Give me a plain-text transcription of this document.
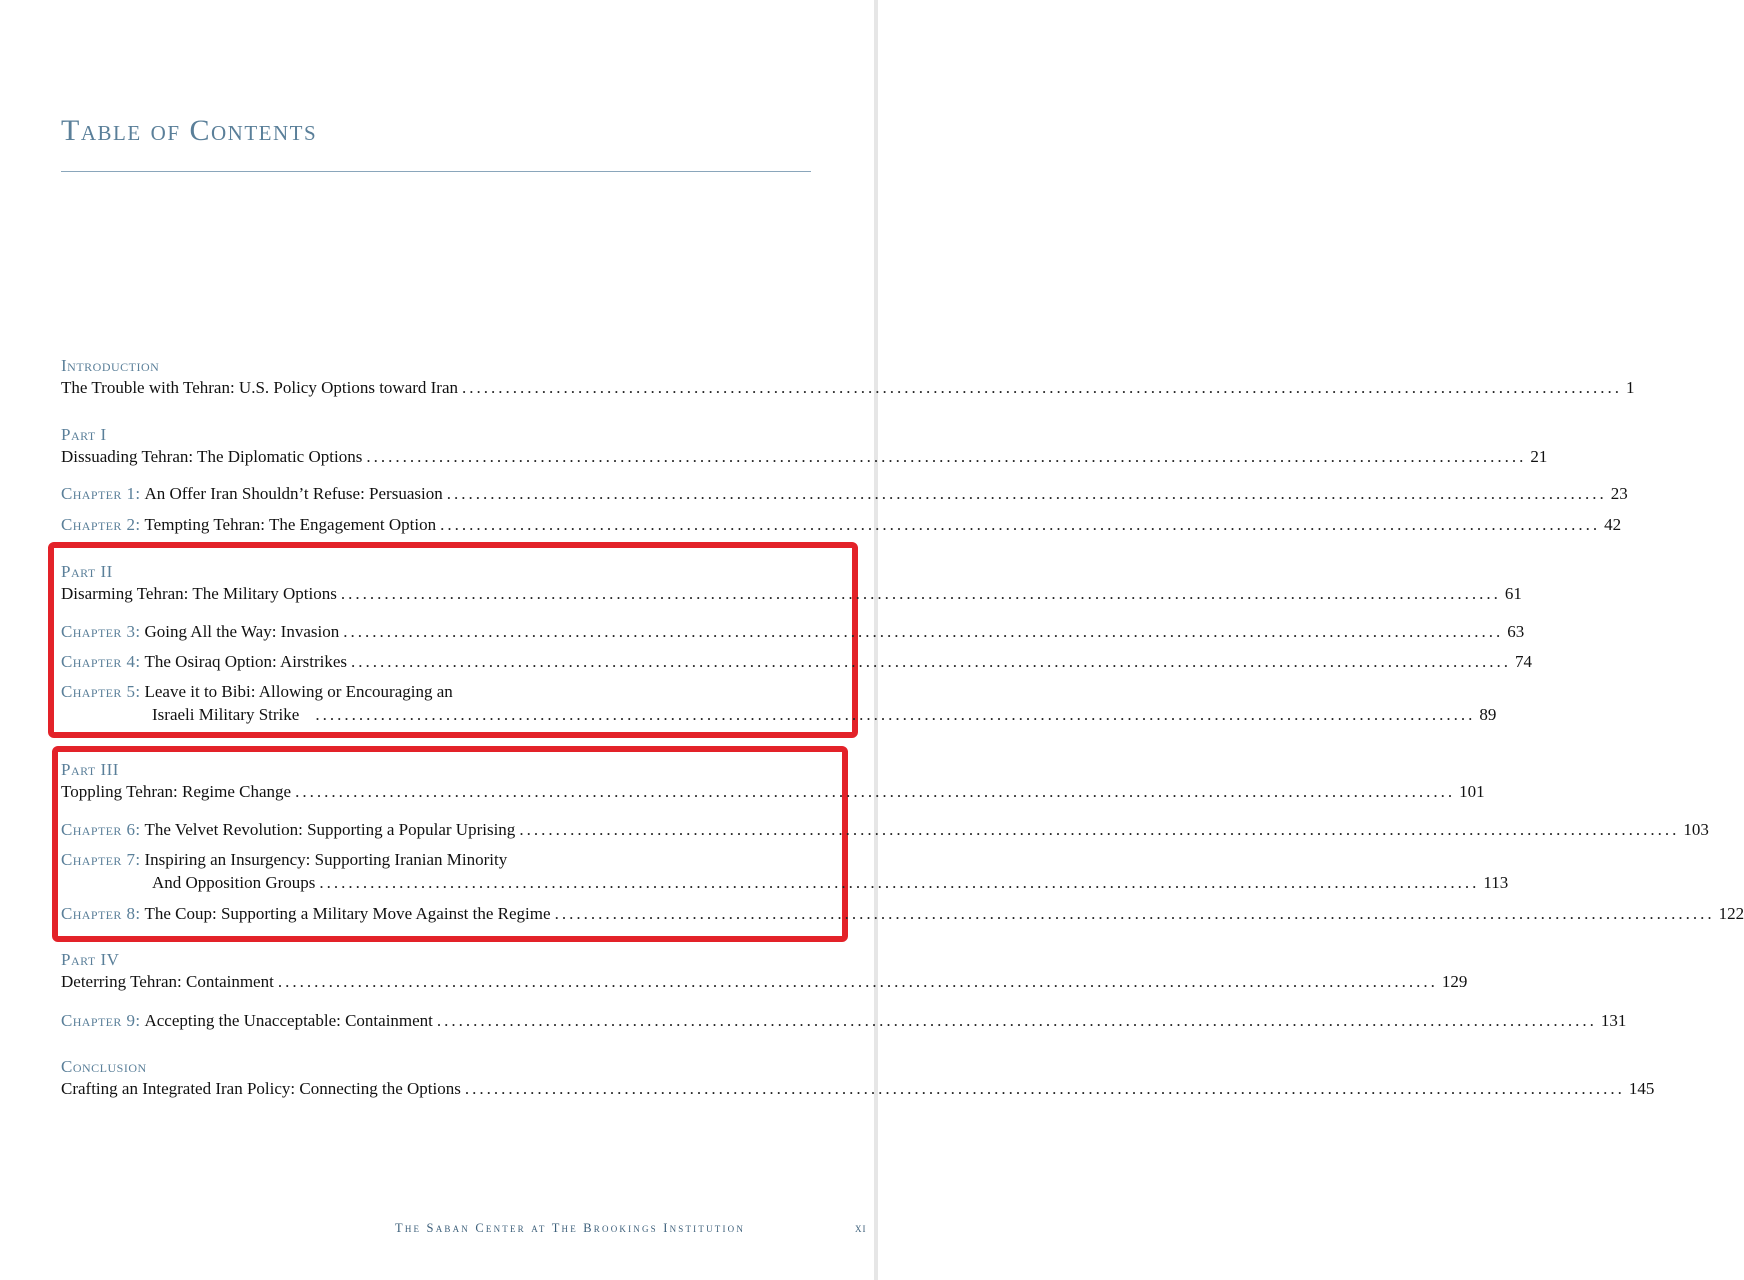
Table of Contents
Introduction
The Trouble with Tehran: U.S. Policy Options toward Iran ................................................................................................................................................................ 1
Part I
Dissuading Tehran: The Diplomatic Options ................................................................................................................................................................ 21
Chapter 1: An Offer Iran Shouldn’t Refuse: Persuasion ................................................................................................................................................................ 23
Chapter 2: Tempting Tehran: The Engagement Option ................................................................................................................................................................ 42
Part II
Disarming Tehran: The Military Options ................................................................................................................................................................ 61
Chapter 3: Going All the Way: Invasion ................................................................................................................................................................ 63
Chapter 4: The Osiraq Option: Airstrikes ................................................................................................................................................................ 74
Chapter 5: Leave it to Bibi: Allowing or Encouraging an
Israeli Military Strike ................................................................................................................................................................ 89
Part III
Toppling Tehran: Regime Change ................................................................................................................................................................ 101
Chapter 6: The Velvet Revolution: Supporting a Popular Uprising ................................................................................................................................................................ 103
Chapter 7: Inspiring an Insurgency: Supporting Iranian Minority
And Opposition Groups ................................................................................................................................................................ 113
Chapter 8: The Coup: Supporting a Military Move Against the Regime ................................................................................................................................................................ 122
Part IV
Deterring Tehran: Containment ................................................................................................................................................................ 129
Chapter 9: Accepting the Unacceptable: Containment ................................................................................................................................................................ 131
Conclusion
Crafting an Integrated Iran Policy: Connecting the Options ................................................................................................................................................................ 145
The Saban Center at The Brookings Institution	xi
